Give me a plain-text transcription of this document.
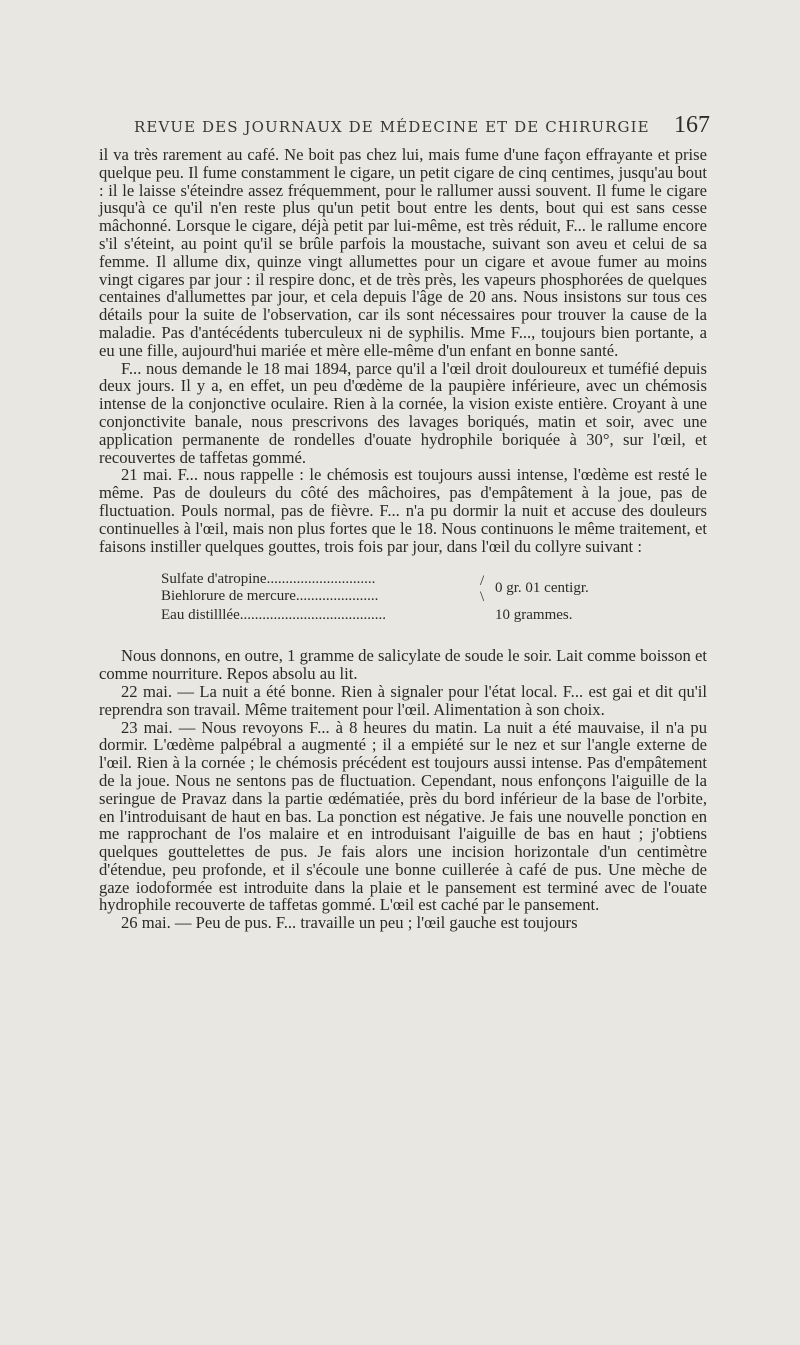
REVUE DES JOURNAUX DE MÉDECINE ET DE CHIRURGIE 167

il va très rarement au café. Ne boit pas chez lui, mais fume d'une façon effrayante et prise quelque peu. Il fume constamment le cigare, un petit cigare de cinq centimes, jusqu'au bout : il le laisse s'éteindre assez fréquemment, pour le rallumer aussi souvent. Il fume le cigare jusqu'à ce qu'il n'en reste plus qu'un petit bout entre les dents, bout qui est sans cesse mâchonné. Lorsque le cigare, déjà petit par lui-même, est très réduit, F... le rallume encore s'il s'éteint, au point qu'il se brûle parfois la moustache, suivant son aveu et celui de sa femme. Il allume dix, quinze vingt allumettes pour un cigare et avoue fumer au moins vingt cigares par jour : il respire donc, et de très près, les vapeurs phosphorées de quelques centaines d'allumettes par jour, et cela depuis l'âge de 20 ans. Nous insistons sur tous ces détails pour la suite de l'observation, car ils sont nécessaires pour trouver la cause de la maladie. Pas d'antécédents tuberculeux ni de syphilis. Mme F..., toujours bien portante, a eu une fille, aujourd'hui mariée et mère elle-même d'un enfant en bonne santé.

F... nous demande le 18 mai 1894, parce qu'il a l'œil droit douloureux et tuméfié depuis deux jours. Il y a, en effet, un peu d'œdème de la paupière inférieure, avec un chémosis intense de la conjonctive oculaire. Rien à la cornée, la vision existe entière. Croyant à une conjonctivite banale, nous prescrivons des lavages boriqués, matin et soir, avec une application permanente de rondelles d'ouate hydrophile boriquée à 30°, sur l'œil, et recouvertes de taffetas gommé.

21 mai. F... nous rappelle : le chémosis est toujours aussi intense, l'œdème est resté le même. Pas de douleurs du côté des mâchoires, pas d'empâtement à la joue, pas de fluctuation. Pouls normal, pas de fièvre. F... n'a pu dormir la nuit et accuse des douleurs continuelles à l'œil, mais non plus fortes que le 18. Nous continuons le même traitement, et faisons instiller quelques gouttes, trois fois par jour, dans l'œil du collyre suivant :

Sulfate d'atropine.............................
Biehlorure de mercure......................
Eau distilllée.......................................
/
\
0 gr. 01 centigr.
10 grammes.

Nous donnons, en outre, 1 gramme de salicylate de soude le soir. Lait comme boisson et comme nourriture. Repos absolu au lit.

22 mai. — La nuit a été bonne. Rien à signaler pour l'état local. F... est gai et dit qu'il reprendra son travail. Même traitement pour l'œil. Alimentation à son choix.

23 mai. — Nous revoyons F... à 8 heures du matin. La nuit a été mauvaise, il n'a pu dormir. L'œdème palpébral a augmenté ; il a empiété sur le nez et sur l'angle externe de l'œil. Rien à la cornée ; le chémosis précédent est toujours aussi intense. Pas d'empâtement de la joue. Nous ne sentons pas de fluctuation. Cependant, nous enfonçons l'aiguille de la seringue de Pravaz dans la partie œdématiée, près du bord inférieur de la base de l'orbite, en l'introduisant de haut en bas. La ponction est négative. Je fais une nouvelle ponction en me rapprochant de l'os malaire et en introduisant l'aiguille de bas en haut ; j'obtiens quelques gouttelettes de pus. Je fais alors une incision horizontale d'un centimètre d'étendue, peu profonde, et il s'écoule une bonne cuillerée à café de pus. Une mèche de gaze iodoformée est introduite dans la plaie et le pansement est terminé avec de l'ouate hydrophile recouverte de taffetas gommé. L'œil est caché par le pansement.

26 mai. — Peu de pus. F... travaille un peu ; l'œil gauche est toujours
